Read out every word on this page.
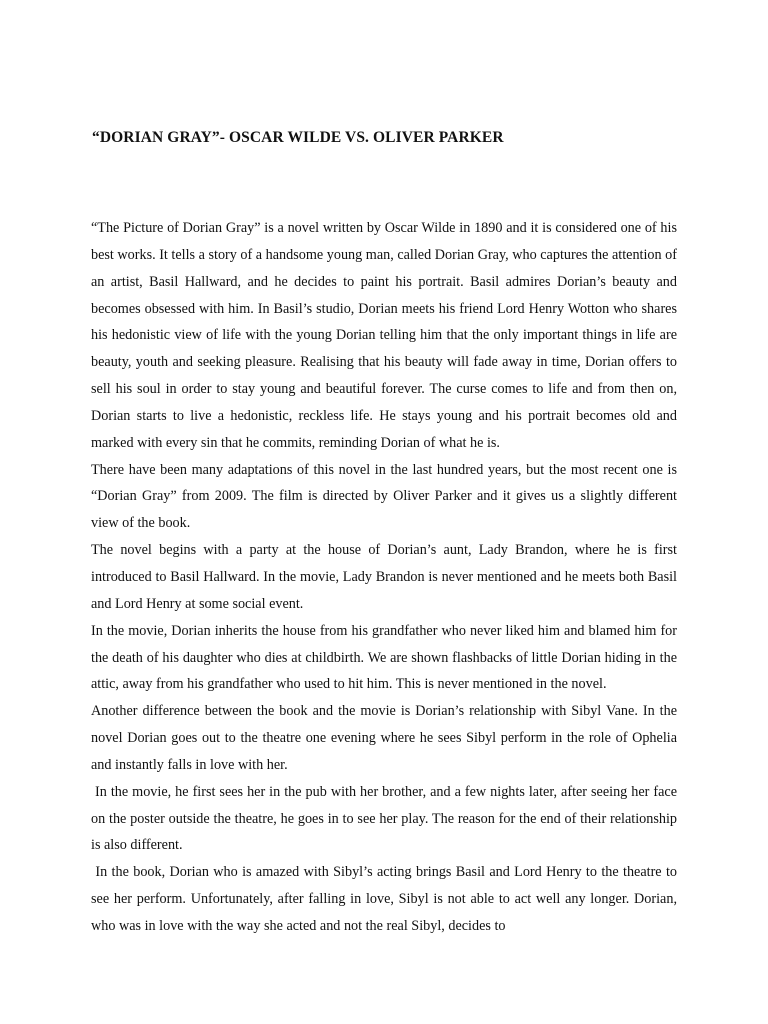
“DORIAN GRAY”- OSCAR WILDE VS. OLIVER PARKER

“The Picture of Dorian Gray” is a novel written by Oscar Wilde in 1890 and it is considered one of his best works. It tells a story of a handsome young man, called Dorian Gray, who captures the attention of an artist, Basil Hallward, and he decides to paint his portrait. Basil admires Dorian’s beauty and becomes obsessed with him. In Basil’s studio, Dorian meets his friend Lord Henry Wotton who shares his hedonistic view of life with the young Dorian telling him that the only important things in life are beauty, youth and seeking pleasure. Realising that his beauty will fade away in time, Dorian offers to sell his soul in order to stay young and beautiful forever. The curse comes to life and from then on, Dorian starts to live a hedonistic, reckless life. He stays young and his portrait becomes old and marked with every sin that he commits, reminding Dorian of what he is.

There have been many adaptations of this novel in the last hundred years, but the most recent one is “Dorian Gray” from 2009. The film is directed by Oliver Parker and it gives us a slightly different view of the book.

The novel begins with a party at the house of Dorian’s aunt, Lady Brandon, where he is first introduced to Basil Hallward. In the movie, Lady Brandon is never mentioned and he meets both Basil and Lord Henry at some social event.

In the movie, Dorian inherits the house from his grandfather who never liked him and blamed him for the death of his daughter who dies at childbirth. We are shown flashbacks of little Dorian hiding in the attic, away from his grandfather who used to hit him. This is never mentioned in the novel.

Another difference between the book and the movie is Dorian’s relationship with Sibyl Vane. In the novel Dorian goes out to the theatre one evening where he sees Sibyl perform in the role of Ophelia and instantly falls in love with her.

In the movie, he first sees her in the pub with her brother, and a few nights later, after seeing her face on the poster outside the theatre, he goes in to see her play. The reason for the end of their relationship is also different.

In the book, Dorian who is amazed with Sibyl’s acting brings Basil and Lord Henry to the theatre to see her perform. Unfortunately, after falling in love, Sibyl is not able to act well any longer. Dorian, who was in love with the way she acted and not the real Sibyl, decides to
